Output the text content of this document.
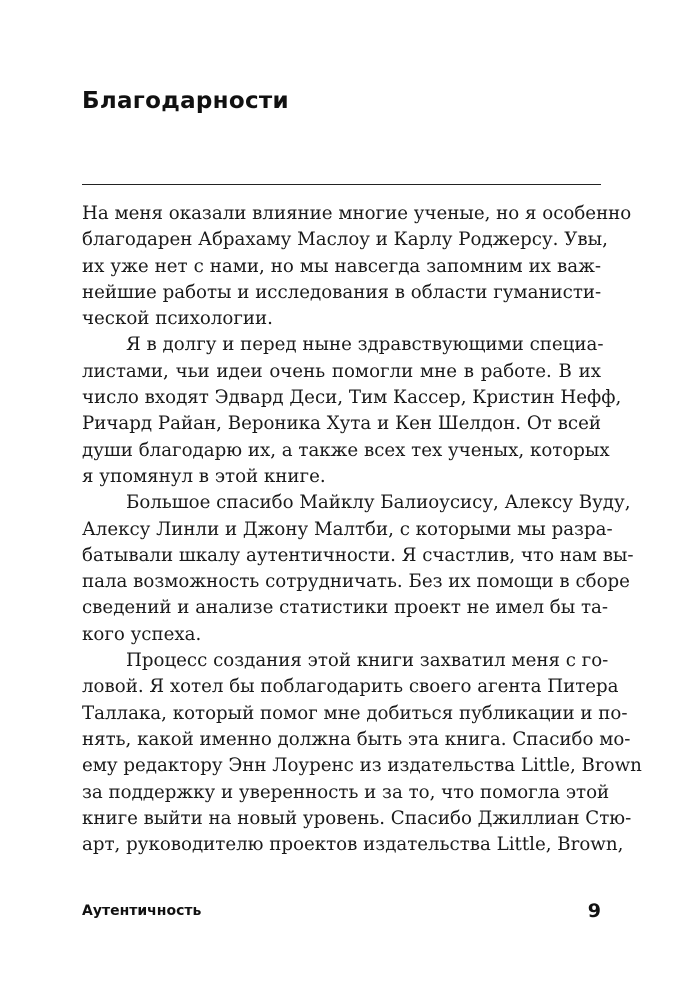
Благодарности
На меня оказали влияние многие ученые, но я особенно
благодарен Абрахаму Маслоу и Карлу Роджерсу. Увы,
их уже нет с нами, но мы навсегда запомним их важ-
нейшие работы и исследования в области гуманисти-
ческой психологии.
Я в долгу и перед ныне здравствующими специа-
листами, чьи идеи очень помогли мне в работе. В их
число входят Эдвард Деси, Тим Кассер, Кристин Нефф,
Ричард Райан, Вероника Хута и Кен Шелдон. От всей
души благодарю их, а также всех тех ученых, которых
я упомянул в этой книге.
Большое спасибо Майклу Балиоусису, Алексу Вуду,
Алексу Линли и Джону Малтби, с которыми мы разра-
батывали шкалу аутентичности. Я счастлив, что нам вы-
пала возможность сотрудничать. Без их помощи в сборе
сведений и анализе статистики проект не имел бы та-
кого успеха.
Процесс создания этой книги захватил меня с го-
ловой. Я хотел бы поблагодарить своего агента Питера
Таллака, который помог мне добиться публикации и по-
нять, какой именно должна быть эта книга. Спасибо мо-
ему редактору Энн Лоуренс из издательства Little, Brown
за поддержку и уверенность и за то, что помогла этой
книге выйти на новый уровень. Спасибо Джиллиан Стю-
арт, руководителю проектов издательства Little, Brown,
Аутентичность	9
